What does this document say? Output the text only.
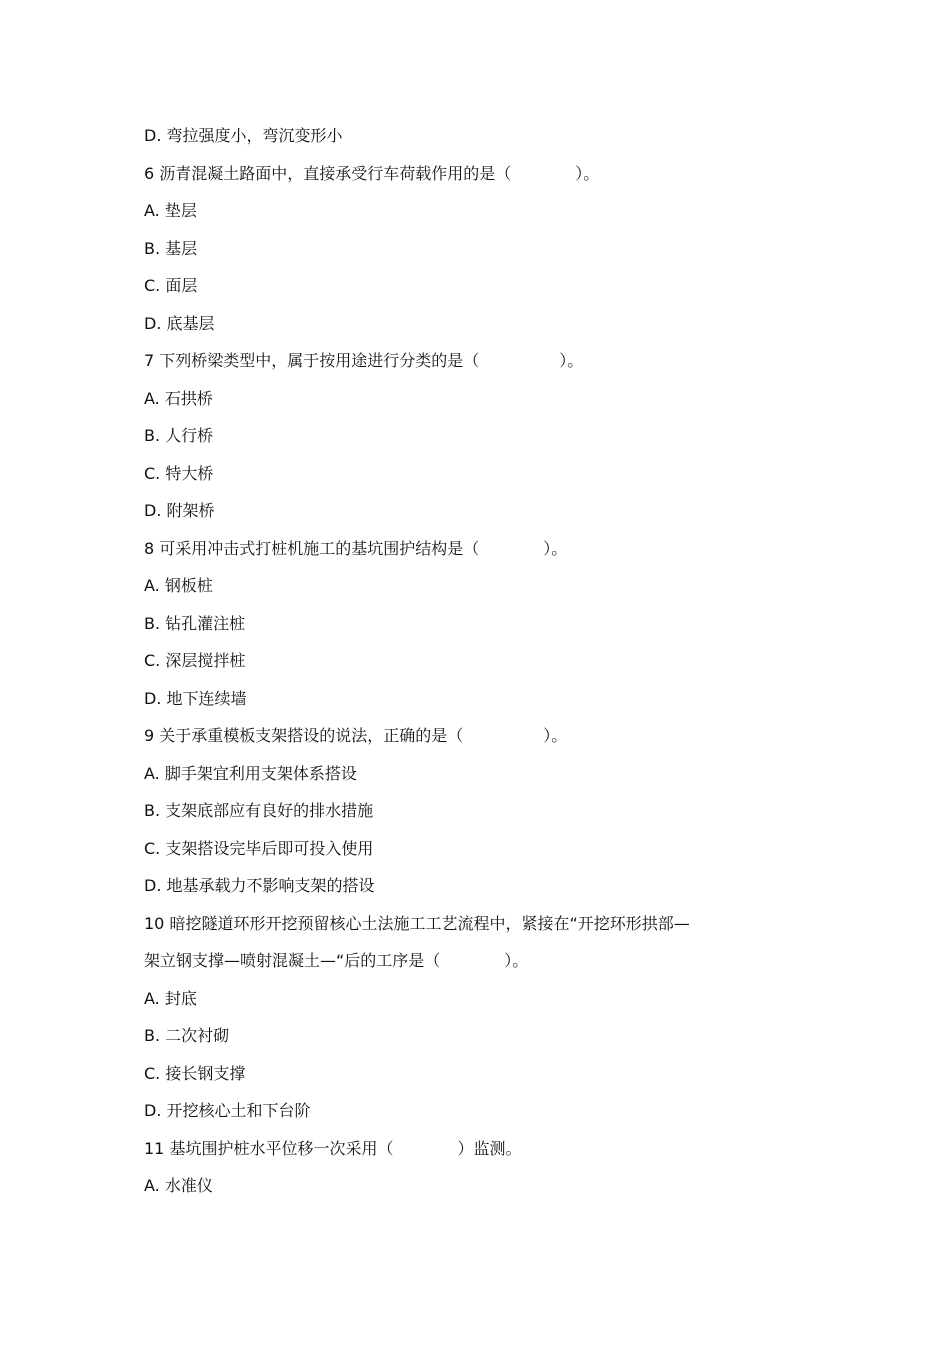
D. 弯拉强度小，弯沉变形小
6 沥青混凝土路面中，直接承受行车荷载作用的是（　　　　）。
A. 垫层
B. 基层
C. 面层
D. 底基层
7 下列桥梁类型中，属于按用途进行分类的是（　　　　　）。
A. 石拱桥
B. 人行桥
C. 特大桥
D. 附架桥
8 可采用冲击式打桩机施工的基坑围护结构是（　　　　）。
A. 钢板桩
B. 钻孔灌注桩
C. 深层搅拌桩
D. 地下连续墙
9 关于承重模板支架搭设的说法，正确的是（　　　　　）。
A. 脚手架宜利用支架体系搭设
B. 支架底部应有良好的排水措施
C. 支架搭设完毕后即可投入使用
D. 地基承载力不影响支架的搭设
10 暗挖隧道环形开挖预留核心土法施工工艺流程中，紧接在“开挖环形拱部—
架立钢支撑—喷射混凝土—“后的工序是（　　　　）。
A. 封底
B. 二次衬砌
C. 接长钢支撑
D. 开挖核心土和下台阶
11 基坑围护桩水平位移一次采用（　　　　）监测。
A. 水准仪
